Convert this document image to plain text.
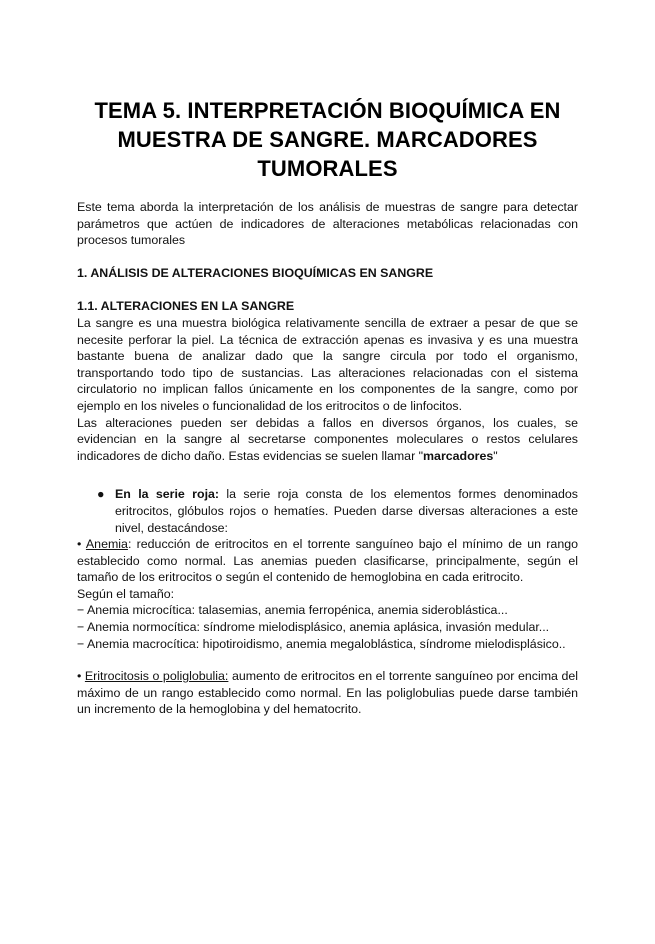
TEMA 5. INTERPRETACIÓN BIOQUÍMICA EN MUESTRA DE SANGRE. MARCADORES TUMORALES

Este tema aborda la interpretación de los análisis de muestras de sangre para detectar parámetros que actúen de indicadores de alteraciones metabólicas relacionadas con procesos tumorales

1. ANÁLISIS DE ALTERACIONES BIOQUÍMICAS EN SANGRE
1.1. ALTERACIONES EN LA SANGRE

La sangre es una muestra biológica relativamente sencilla de extraer a pesar de que se necesite perforar la piel. La técnica de extracción apenas es invasiva y es una muestra bastante buena de analizar dado que la sangre circula por todo el organismo, transportando todo tipo de sustancias. Las alteraciones relacionadas con el sistema circulatorio no implican fallos únicamente en los componentes de la sangre, como por ejemplo en los niveles o funcionalidad de los eritrocitos o de linfocitos.

Las alteraciones pueden ser debidas a fallos en diversos órganos, los cuales, se evidencian en la sangre al secretarse componentes moleculares o restos celulares indicadores de dicho daño. Estas evidencias se suelen llamar "marcadores"

● En la serie roja: la serie roja consta de los elementos formes denominados eritrocitos, glóbulos rojos o hematíes. Pueden darse diversas alteraciones a este nivel, destacándose:

• Anemia: reducción de eritrocitos en el torrente sanguíneo bajo el mínimo de un rango establecido como normal. Las anemias pueden clasificarse, principalmente, según el tamaño de los eritrocitos o según el contenido de hemoglobina en cada eritrocito.

Según el tamaño:
− Anemia microcítica: talasemias, anemia ferropénica, anemia sideroblástica...
− Anemia normocítica: síndrome mielodisplásico, anemia aplásica, invasión medular...
− Anemia macrocítica: hipotiroidismo, anemia megaloblástica, síndrome mielodisplásico..

• Eritrocitosis o poliglobulia: aumento de eritrocitos en el torrente sanguíneo por encima del máximo de un rango establecido como normal. En las poliglobulias puede darse también un incremento de la hemoglobina y del hematocrito.
